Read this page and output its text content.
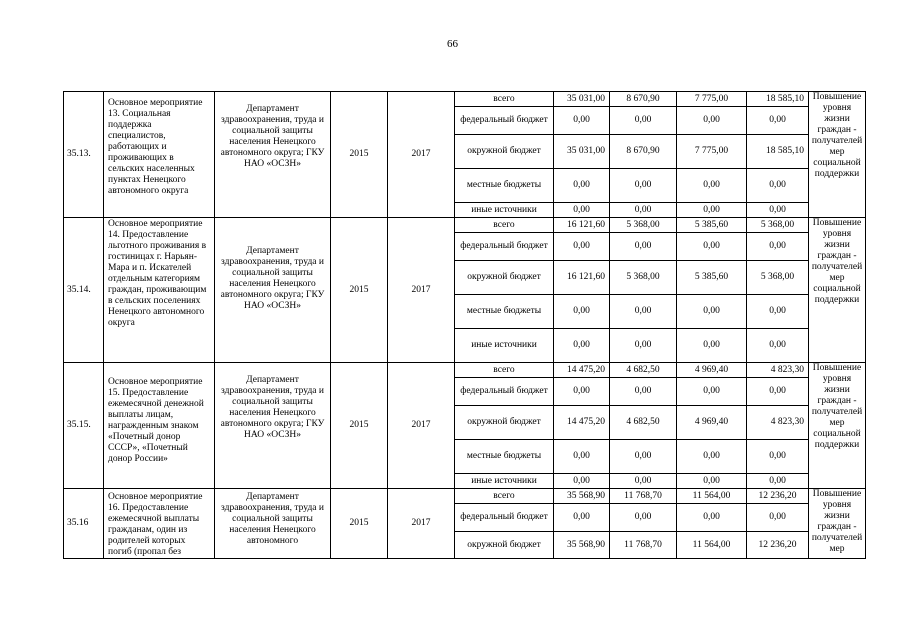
66
35.13.	Основное мероприятие 13. Социальная поддержка специалистов, работающих и проживающих в сельских населенных пунктах Ненецкого автономного округа	Департамент здравоохранения, труда и социальной защиты населения Ненецкого автономного округа; ГКУ НАО «ОСЗН»	2015	2017	всего	35 031,00	8 670,90	7 775,00	18 585,10	Повышение уровня жизни граждан - получателей мер социальной поддержки
					федеральный бюджет	0,00	0,00	0,00	0,00	
					окружной бюджет	35 031,00	8 670,90	7 775,00	18 585,10	
					местные бюджеты	0,00	0,00	0,00	0,00	
					иные источники	0,00	0,00	0,00	0,00	
35.14.	Основное мероприятие 14. Предоставление льготного проживания в гостиницах г. Нарьян-Мара и п. Искателей отдельным категориям граждан, проживающим в сельских поселениях Ненецкого автономного округа	Департамент здравоохранения, труда и социальной защиты населения Ненецкого автономного округа; ГКУ НАО «ОСЗН»	2015	2017	всего	16 121,60	5 368,00	5 385,60	5 368,00	Повышение уровня жизни граждан - получателей мер социальной поддержки
					федеральный бюджет	0,00	0,00	0,00	0,00	
					окружной бюджет	16 121,60	5 368,00	5 385,60	5 368,00	
					местные бюджеты	0,00	0,00	0,00	0,00	
					иные источники	0,00	0,00	0,00	0,00	
35.15.	Основное мероприятие 15. Предоставление ежемесячной денежной выплаты лицам, награжденным знаком «Почетный донор СССР», «Почетный донор России»	Департамент здравоохранения, труда и социальной защиты населения Ненецкого автономного округа; ГКУ НАО «ОСЗН»	2015	2017	всего	14 475,20	4 682,50	4 969,40	4 823,30	Повышение уровня жизни граждан - получателей мер социальной поддержки
					федеральный бюджет	0,00	0,00	0,00	0,00	
					окружной бюджет	14 475,20	4 682,50	4 969,40	4 823,30	
					местные бюджеты	0,00	0,00	0,00	0,00	
					иные источники	0,00	0,00	0,00	0,00	
35.16	Основное мероприятие 16. Предоставление ежемесячной выплаты гражданам, один из родителей которых погиб (пропал без	Департамент здравоохранения, труда и социальной защиты населения Ненецкого автономного	2015	2017	всего	35 568,90	11 768,70	11 564,00	12 236,20	Повышение уровня жизни граждан - получателей мер
					федеральный бюджет	0,00	0,00	0,00	0,00	
					окружной бюджет	35 568,90	11 768,70	11 564,00	12 236,20	
